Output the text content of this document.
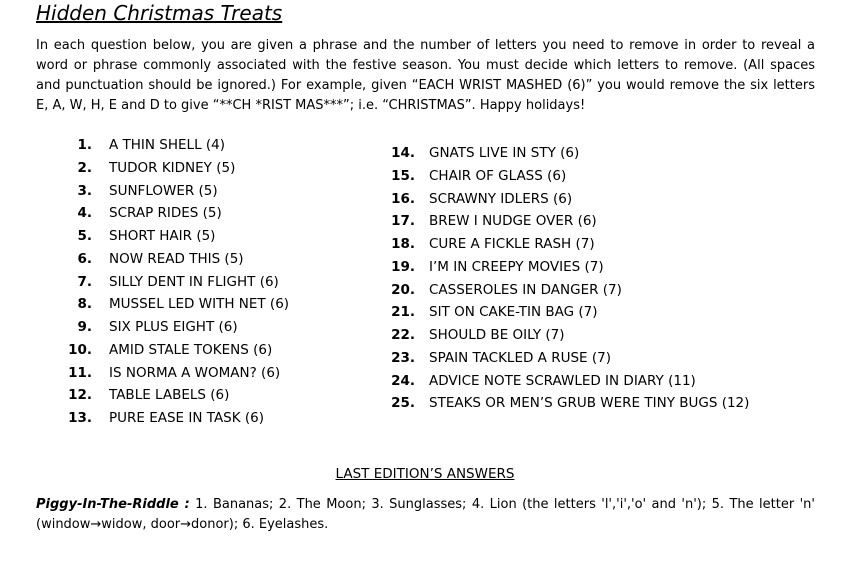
Hidden Christmas Treats
In each question below, you are given a phrase and the number of letters you need to remove in order to reveal a word or phrase commonly associated with the festive season. You must decide which letters to remove. (All spaces and punctuation should be ignored.) For example, given “EACH WRIST MASHED (6)” you would remove the six letters E, A, W, H, E and D to give “**CH *RIST MAS***”; i.e. “CHRISTMAS”. Happy holidays!
1. A THIN SHELL (4)
2. TUDOR KIDNEY (5)
3. SUNFLOWER (5)
4. SCRAP RIDES (5)
5. SHORT HAIR (5)
6. NOW READ THIS (5)
7. SILLY DENT IN FLIGHT (6)
8. MUSSEL LED WITH NET (6)
9. SIX PLUS EIGHT (6)
10. AMID STALE TOKENS (6)
11. IS NORMA A WOMAN? (6)
12. TABLE LABELS (6)
13. PURE EASE IN TASK (6)
14. GNATS LIVE IN STY (6)
15. CHAIR OF GLASS (6)
16. SCRAWNY IDLERS (6)
17. BREW I NUDGE OVER (6)
18. CURE A FICKLE RASH (7)
19. I’M IN CREEPY MOVIES (7)
20. CASSEROLES IN DANGER (7)
21. SIT ON CAKE-TIN BAG (7)
22. SHOULD BE OILY (7)
23. SPAIN TACKLED A RUSE (7)
24. ADVICE NOTE SCRAWLED IN DIARY (11)
25. STEAKS OR MEN’S GRUB WERE TINY BUGS (12)
LAST EDITION’S ANSWERS
Piggy-In-The-Riddle : 1. Bananas; 2. The Moon; 3. Sunglasses; 4. Lion (the letters 'l','i','o' and 'n'); 5. The letter 'n' (window→widow, door→donor); 6. Eyelashes.
